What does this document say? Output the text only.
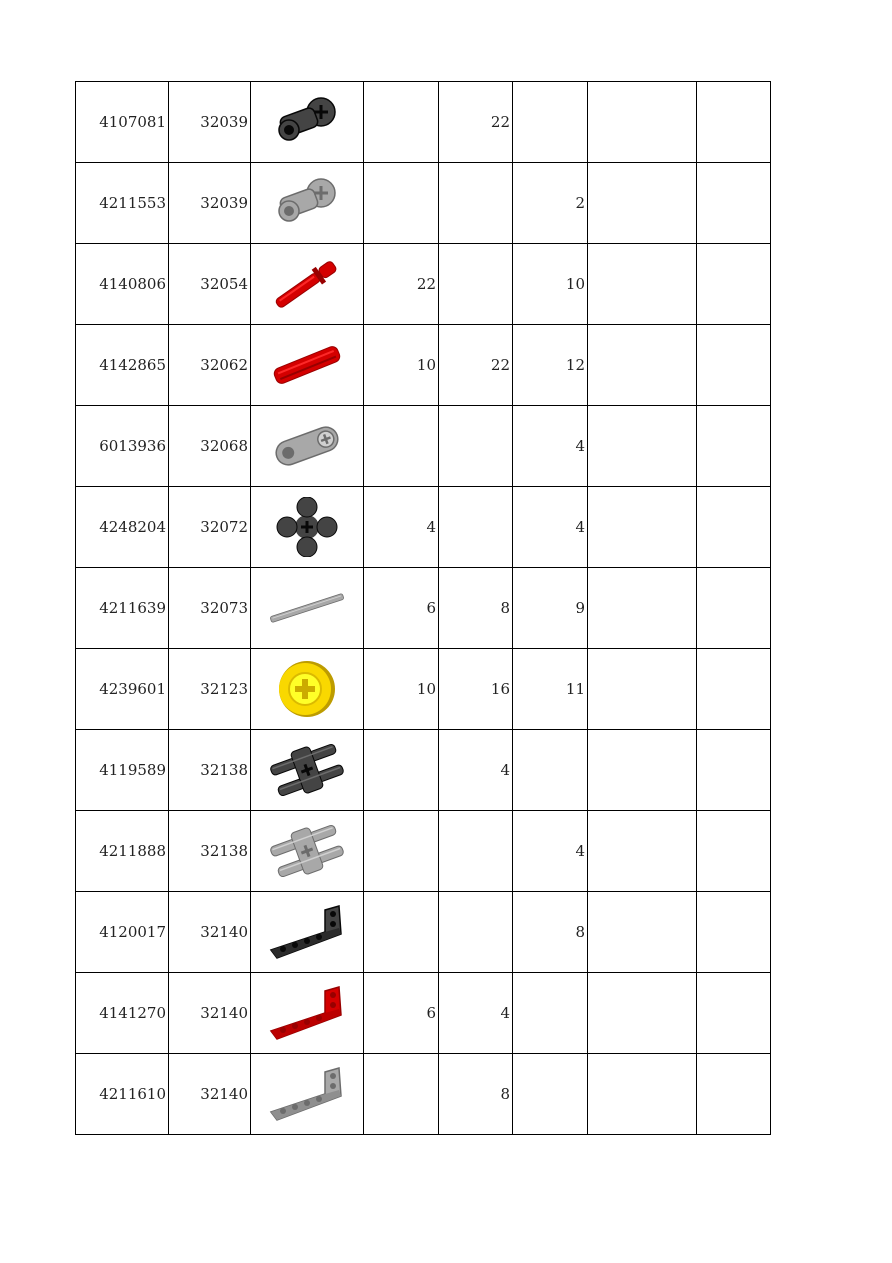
4107081	32039			22			
4211553	32039				2		
4140806	32054		22		10		
4142865	32062		10	22	12		
6013936	32068				4		
4248204	32072		4		4		
4211639	32073		6	8	9		
4239601	32123		10	16	11		
4119589	32138			4			
4211888	32138				4		
4120017	32140				8		
4141270	32140		6	4			
4211610	32140			8			
